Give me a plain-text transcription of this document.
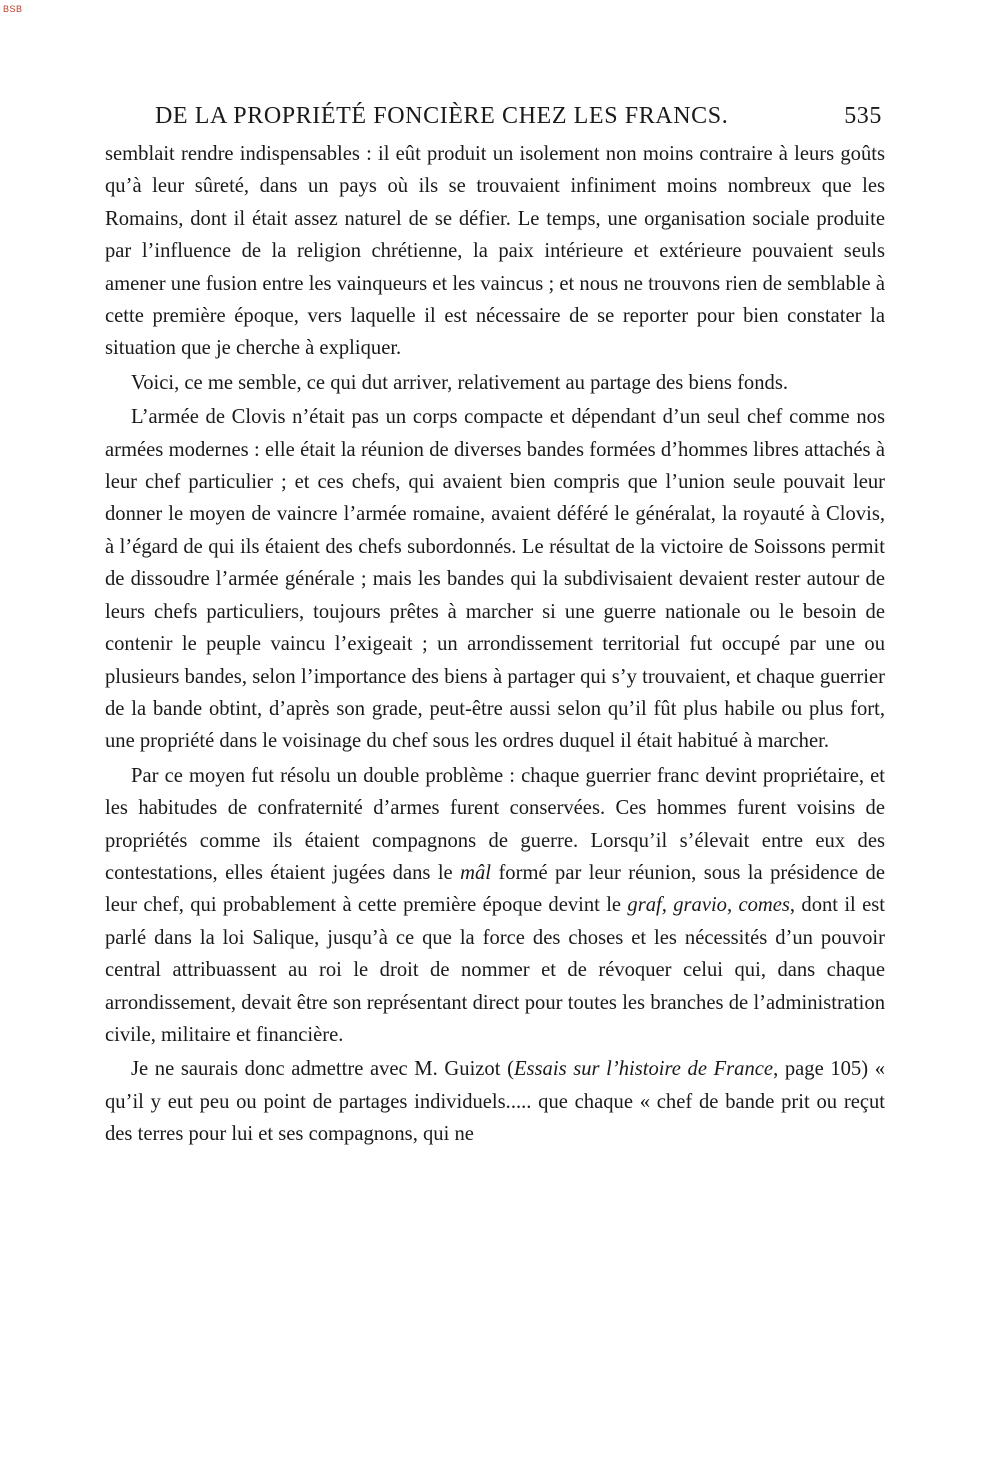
BSB
DE LA PROPRIÉTÉ FONCIÈRE CHEZ LES FRANCS.	535

semblait rendre indispensables : il eût produit un isolement non moins contraire à leurs goûts qu’à leur sûreté, dans un pays où ils se trouvaient infiniment moins nombreux que les Romains, dont il était assez naturel de se défier. Le temps, une organisation sociale produite par l’influence de la religion chrétienne, la paix intérieure et extérieure pouvaient seuls amener une fusion entre les vainqueurs et les vaincus ; et nous ne trouvons rien de semblable à cette première époque, vers laquelle il est nécessaire de se reporter pour bien constater la situation que je cherche à expliquer.

Voici, ce me semble, ce qui dut arriver, relativement au partage des biens fonds.

L’armée de Clovis n’était pas un corps compacte et dépendant d’un seul chef comme nos armées modernes : elle était la réunion de diverses bandes formées d’hommes libres attachés à leur chef particulier ; et ces chefs, qui avaient bien compris que l’union seule pouvait leur donner le moyen de vaincre l’armée romaine, avaient déféré le généralat, la royauté à Clovis, à l’égard de qui ils étaient des chefs subordonnés. Le résultat de la victoire de Soissons permit de dissoudre l’armée générale ; mais les bandes qui la subdivisaient devaient rester autour de leurs chefs particuliers, toujours prêtes à marcher si une guerre nationale ou le besoin de contenir le peuple vaincu l’exigeait ; un arrondissement territorial fut occupé par une ou plusieurs bandes, selon l’importance des biens à partager qui s’y trouvaient, et chaque guerrier de la bande obtint, d’après son grade, peut-être aussi selon qu’il fût plus habile ou plus fort, une propriété dans le voisinage du chef sous les ordres duquel il était habitué à marcher.

Par ce moyen fut résolu un double problème : chaque guerrier franc devint propriétaire, et les habitudes de confraternité d’armes furent conservées. Ces hommes furent voisins de propriétés comme ils étaient compagnons de guerre. Lorsqu’il s’élevait entre eux des contestations, elles étaient jugées dans le mâl formé par leur réunion, sous la présidence de leur chef, qui probablement à cette première époque devint le graf, gravio, comes, dont il est parlé dans la loi Salique, jusqu’à ce que la force des choses et les nécessités d’un pouvoir central attribuassent au roi le droit de nommer et de révoquer celui qui, dans chaque arrondissement, devait être son représentant direct pour toutes les branches de l’administration civile, militaire et financière.

Je ne saurais donc admettre avec M. Guizot (Essais sur l’histoire de France, page 105) « qu’il y eut peu ou point de partages individuels..... que chaque « chef de bande prit ou reçut des terres pour lui et ses compagnons, qui ne
